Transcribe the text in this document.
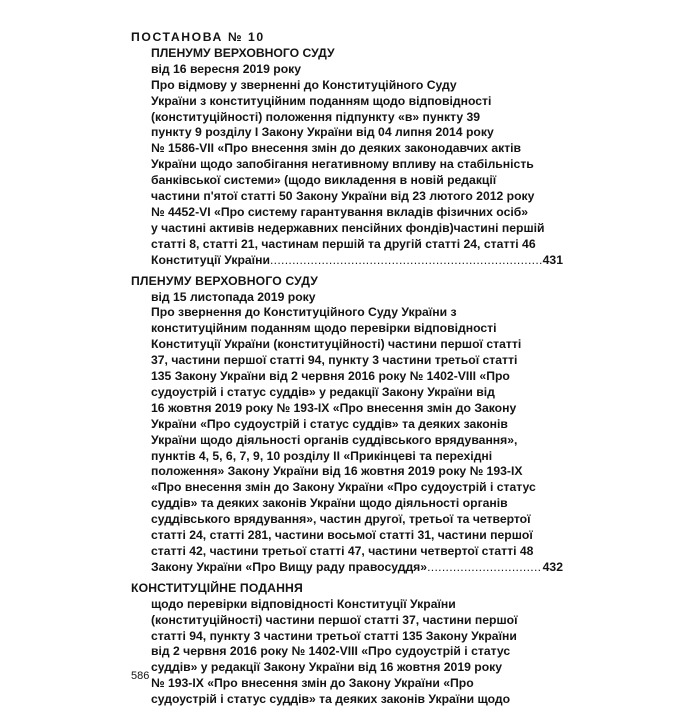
ПОСТАНОВА № 10
ПЛЕНУМУ ВЕРХОВНОГО СУДУ
від 16 вересня 2019 року
Про відмову у зверненні до Конституційного Суду
України з конституційним поданням щодо відповідності
(конституційності) положення підпункту «в» пункту 39
пункту 9 розділу І Закону України від 04 липня 2014 року
№ 1586-VII «Про внесення змін до деяких законодавчих актів
України щодо запобігання негативному впливу на стабільність
банківської системи» (щодо викладення в новій редакції
частини п'ятої статті 50 Закону України від 23 лютого 2012 року
№ 4452-VI «Про систему гарантування вкладів фізичних осіб»
у частині активів недержавних пенсійних фондів)частині першій
статті 8, статті 21, частинам першій та другій статті 24, статті 46
Конституції України .....	431
ПЛЕНУМУ ВЕРХОВНОГО СУДУ
від 15 листопада 2019 року
Про звернення до Конституційного Суду України з
конституційним поданням щодо перевірки відповідності
Конституції України (конституційності) частини першої статті
37, частини першої статті 94, пункту 3 частини третьої статті
135 Закону України від 2 червня 2016 року № 1402-VIII «Про
судоустрій і статус суддів» у редакції Закону України від
16 жовтня 2019 року № 193-IX «Про внесення змін до Закону
України «Про судоустрій і статус суддів» та деяких законів
України щодо діяльності органів суддівського врядування»,
пунктів 4, 5, 6, 7, 9, 10 розділу ІІ «Прикінцеві та перехідні
положення» Закону України від 16 жовтня 2019 року № 193-IX
«Про внесення змін до Закону України «Про судоустрій і статус
суддів» та деяких законів України щодо діяльності органів
суддівського врядування», частин другої, третьої та четвертої
статті 24, статті 281, частини восьмої статті 31, частини першої
статті 42, частини третьої статті 47, частини четвертої статті 48
Закону України «Про Вищу раду правосуддя» .....	432
КОНСТИТУЦІЙНЕ ПОДАННЯ
щодо перевірки відповідності Конституції України
(конституційності) частини першої статті 37, частини першої
статті 94, пункту 3 частини третьої статті 135 Закону України
від 2 червня 2016 року № 1402-VIII «Про судоустрій і статус
суддів» у редакції Закону України від 16 жовтня 2019 року
№ 193-IX «Про внесення змін до Закону України «Про
судоустрій і статус суддів» та деяких законів України щодо
586
